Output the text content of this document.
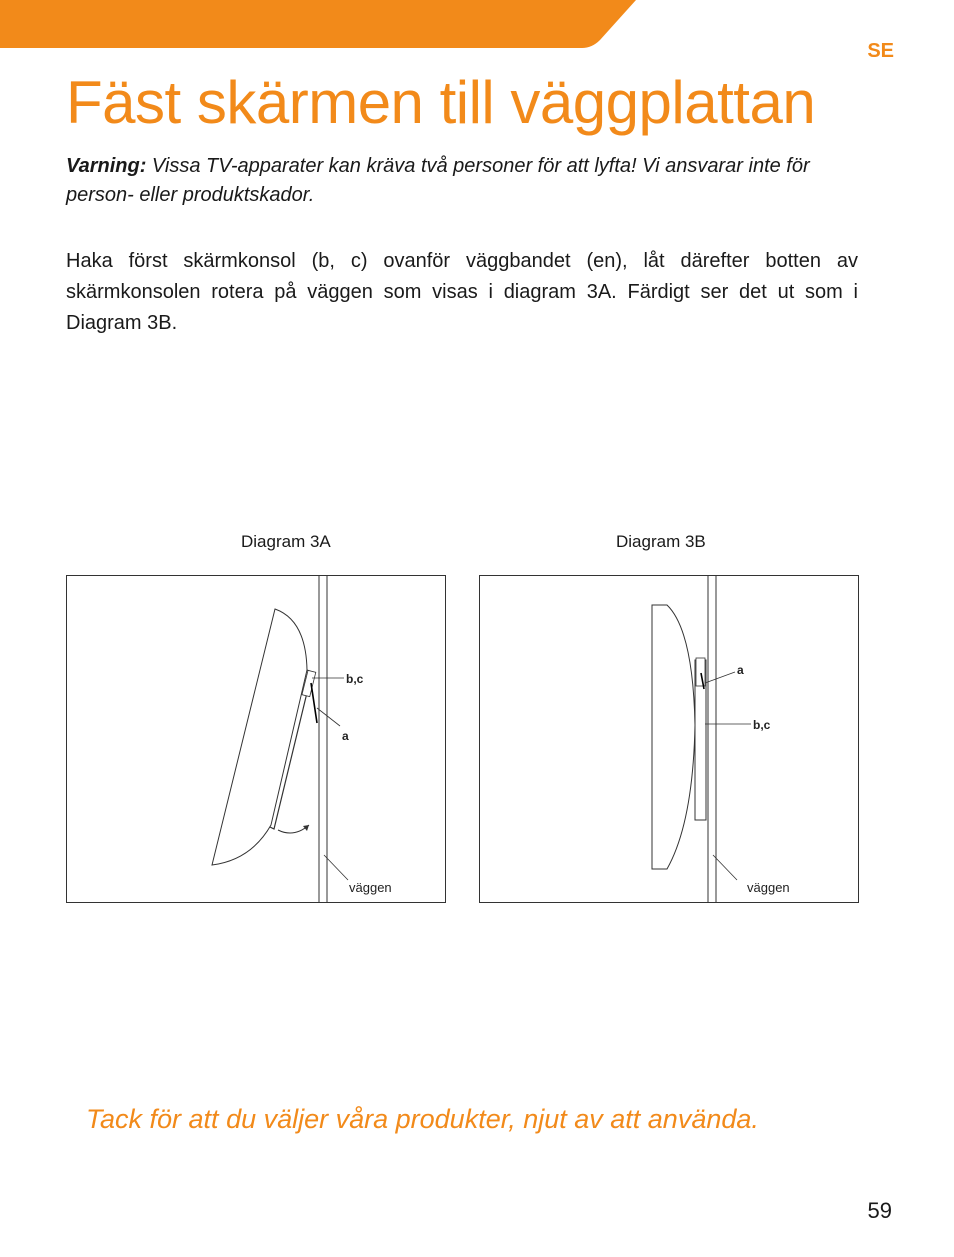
SE
Fäst skärmen till väggplattan
Varning: Vissa TV-apparater kan kräva två personer för att lyfta! Vi ansvarar inte för person- eller produktskador.
Haka först skärmkonsol (b, c) ovanför väggbandet (en), låt därefter botten av skärmkonsolen rotera på väggen som visas i diagram 3A. Färdigt ser det ut som i Diagram 3B.
Diagram 3A
b,c
a
väggen
Diagram 3B
a
b,c
väggen
Tack för att du väljer våra produkter, njut av att använda.
59
